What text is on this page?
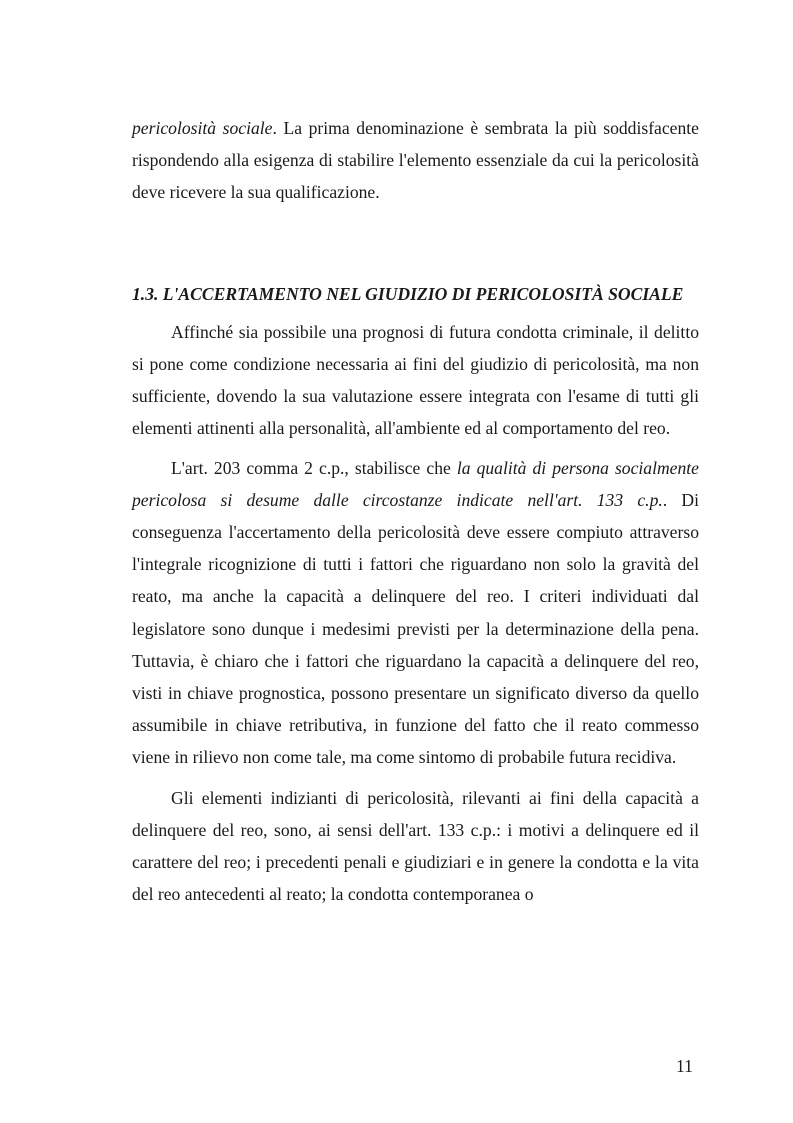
pericolosità sociale. La prima denominazione è sembrata la più soddisfacente rispondendo alla esigenza di stabilire l'elemento essenziale da cui la pericolosità deve ricevere la sua qualificazione.

1.3. L'ACCERTAMENTO NEL GIUDIZIO DI PERICOLOSITÀ SOCIALE

Affinché sia possibile una prognosi di futura condotta criminale, il delitto si pone come condizione necessaria ai fini del giudizio di pericolosità, ma non sufficiente, dovendo la sua valutazione essere integrata con l'esame di tutti gli elementi attinenti alla personalità, all'ambiente ed al comportamento del reo.

L'art. 203 comma 2 c.p., stabilisce che la qualità di persona socialmente pericolosa si desume dalle circostanze indicate nell'art. 133 c.p.. Di conseguenza l'accertamento della pericolosità deve essere compiuto attraverso l'integrale ricognizione di tutti i fattori che riguardano non solo la gravità del reato, ma anche la capacità a delinquere del reo. I criteri individuati dal legislatore sono dunque i medesimi previsti per la determinazione della pena. Tuttavia, è chiaro che i fattori che riguardano la capacità a delinquere del reo, visti in chiave prognostica, possono presentare un significato diverso da quello assumibile in chiave retributiva, in funzione del fatto che il reato commesso viene in rilievo non come tale, ma come sintomo di probabile futura recidiva.

Gli elementi indizianti di pericolosità, rilevanti ai fini della capacità a delinquere del reo, sono, ai sensi dell'art. 133 c.p.: i motivi a delinquere ed il carattere del reo; i precedenti penali e giudiziari e in genere la condotta e la vita del reo antecedenti al reato; la condotta contemporanea o

11
